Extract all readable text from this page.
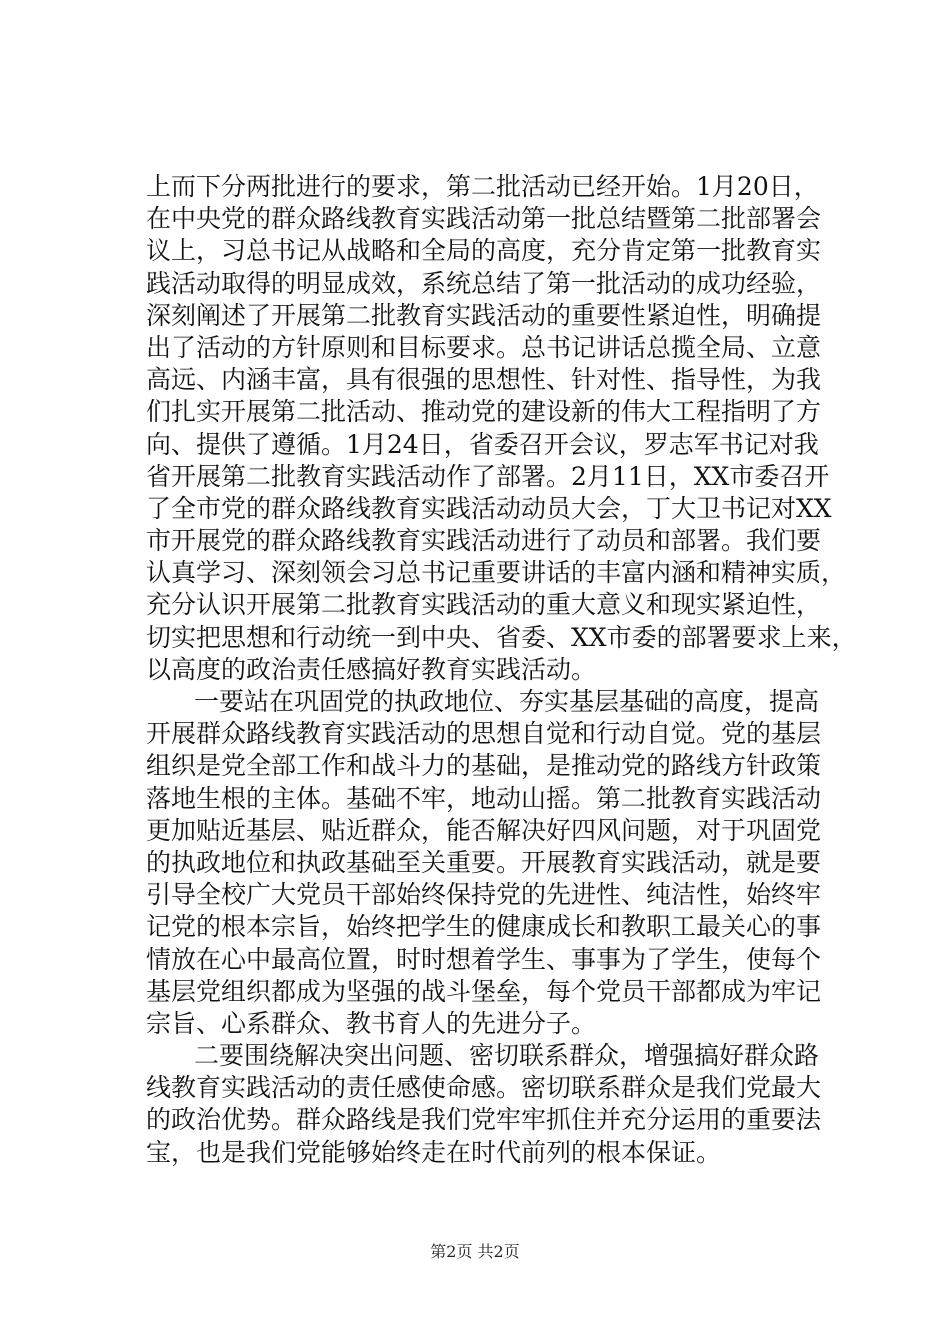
上而下分两批进行的要求，第二批活动已经开始。1月20日，
在中央党的群众路线教育实践活动第一批总结暨第二批部署会
议上，习总书记从战略和全局的高度，充分肯定第一批教育实
践活动取得的明显成效，系统总结了第一批活动的成功经验，
深刻阐述了开展第二批教育实践活动的重要性紧迫性，明确提
出了活动的方针原则和目标要求。总书记讲话总揽全局、立意
高远、内涵丰富，具有很强的思想性、针对性、指导性，为我
们扎实开展第二批活动、推动党的建设新的伟大工程指明了方
向、提供了遵循。1月24日，省委召开会议，罗志军书记对我
省开展第二批教育实践活动作了部署。2月11日，XX市委召开
了全市党的群众路线教育实践活动动员大会，丁大卫书记对XX
市开展党的群众路线教育实践活动进行了动员和部署。我们要
认真学习、深刻领会习总书记重要讲话的丰富内涵和精神实质，
充分认识开展第二批教育实践活动的重大意义和现实紧迫性，
切实把思想和行动统一到中央、省委、XX市委的部署要求上来，
以高度的政治责任感搞好教育实践活动。
一要站在巩固党的执政地位、夯实基层基础的高度，提高
开展群众路线教育实践活动的思想自觉和行动自觉。党的基层
组织是党全部工作和战斗力的基础，是推动党的路线方针政策
落地生根的主体。基础不牢，地动山摇。第二批教育实践活动
更加贴近基层、贴近群众，能否解决好四风问题，对于巩固党
的执政地位和执政基础至关重要。开展教育实践活动，就是要
引导全校广大党员干部始终保持党的先进性、纯洁性，始终牢
记党的根本宗旨，始终把学生的健康成长和教职工最关心的事
情放在心中最高位置，时时想着学生、事事为了学生，使每个
基层党组织都成为坚强的战斗堡垒，每个党员干部都成为牢记
宗旨、心系群众、教书育人的先进分子。
二要围绕解决突出问题、密切联系群众，增强搞好群众路
线教育实践活动的责任感使命感。密切联系群众是我们党最大
的政治优势。群众路线是我们党牢牢抓住并充分运用的重要法
宝，也是我们党能够始终走在时代前列的根本保证。
第2页 共2页
